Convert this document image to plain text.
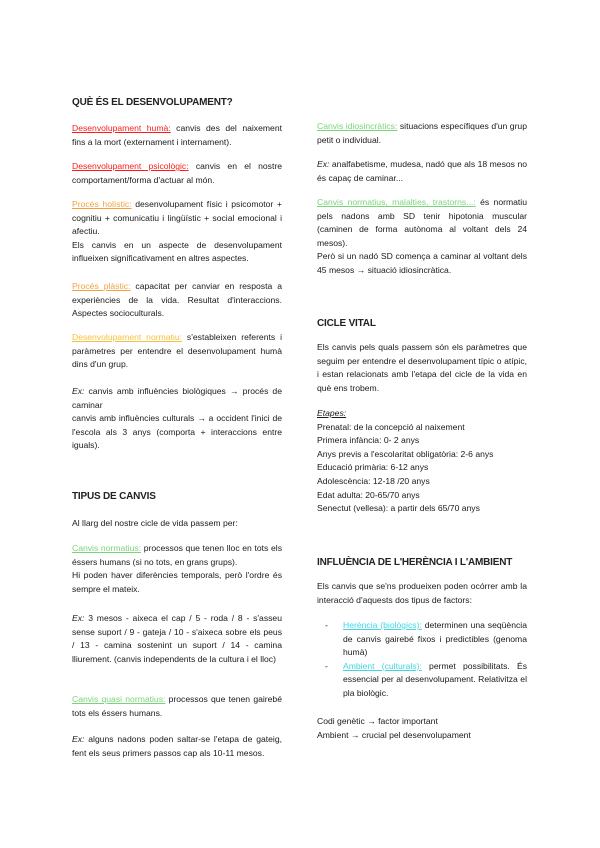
QUÈ ÉS EL DESENVOLUPAMENT?
Desenvolupament humà: canvis des del naixement fins a la mort (externament i internament).
Desenvolupament psicològic: canvis en el nostre comportament/forma d'actuar al món.
Procés holístic: desenvolupament físic i psicomotor + cognitiu + comunicatiu i lingüístic + social emocional i afectiu.
Els canvis en un aspecte de desenvolupament influeixen significativament en altres aspectes.
Procés plàstic: capacitat per canviar en resposta a experiències de la vida. Resultat d'interaccions. Aspectes socioculturals.
Desenvolupament normatiu: s'estableixen referents i paràmetres per entendre el desenvolupament humà dins d'un grup.
Ex: canvis amb influències biològiques → procés de caminar
canvis amb influències culturals → a occident l'inici de l'escola als 3 anys (comporta + interaccions entre iguals).
TIPUS DE CANVIS
Al llarg del nostre cicle de vida passem per:
Canvis normatius: processos que tenen lloc en tots els éssers humans (si no tots, en grans grups).
Hi poden haver diferències temporals, però l'ordre és sempre el mateix.
Ex: 3 mesos - aixeca el cap / 5 - roda / 8 - s'asseu sense suport / 9 - gateja / 10 - s'aixeca sobre els peus / 13 - camina sostenint un suport / 14 - camina lliurement. (canvis independents de la cultura i el lloc)
Canvis quasi normatius: processos que tenen gairebé tots els éssers humans.
Ex: alguns nadons poden saltar-se l'etapa de gateig, fent els seus primers passos cap als 10-11 mesos.
Canvis idiosincràtics: situacions específiques d'un grup petit o individual.
Ex: analfabetisme, mudesa, nadó que als 18 mesos no és capaç de caminar...
Canvis normatius, malalties, trastorns...: és normatiu pels nadons amb SD tenir hipotonia muscular (caminen de forma autònoma al voltant dels 24 mesos).
Però si un nadó SD comença a caminar al voltant dels 45 mesos → situació idiosincràtica.
CICLE VITAL
Els canvis pels quals passem són els paràmetres que seguim per entendre el desenvolupament típic o atípic, i estan relacionats amb l'etapa del cicle de la vida en què ens trobem.
Etapes:
Prenatal: de la concepció al naixement
Primera infància: 0- 2 anys
Anys previs a l'escolaritat obligatòria: 2-6 anys
Educació primària: 6-12 anys
Adolescència: 12-18 /20 anys
Edat adulta: 20-65/70 anys
Senectut (vellesa): a partir dels 65/70 anys
INFLUÈNCIA DE L'HERÈNCIA I L'AMBIENT
Els canvis que se'ns produeixen poden ocórrer amb la interacció d'aquests dos tipus de factors:
- Herència (biològics): determinen una seqüència de canvis gairebé fixos i predictibles (genoma humà)
- Ambient (culturals): permet possibilitats. És essencial per al desenvolupament. Relativitza el pla biològic.
Codi genètic → factor important
Ambient → crucial pel desenvolupament
